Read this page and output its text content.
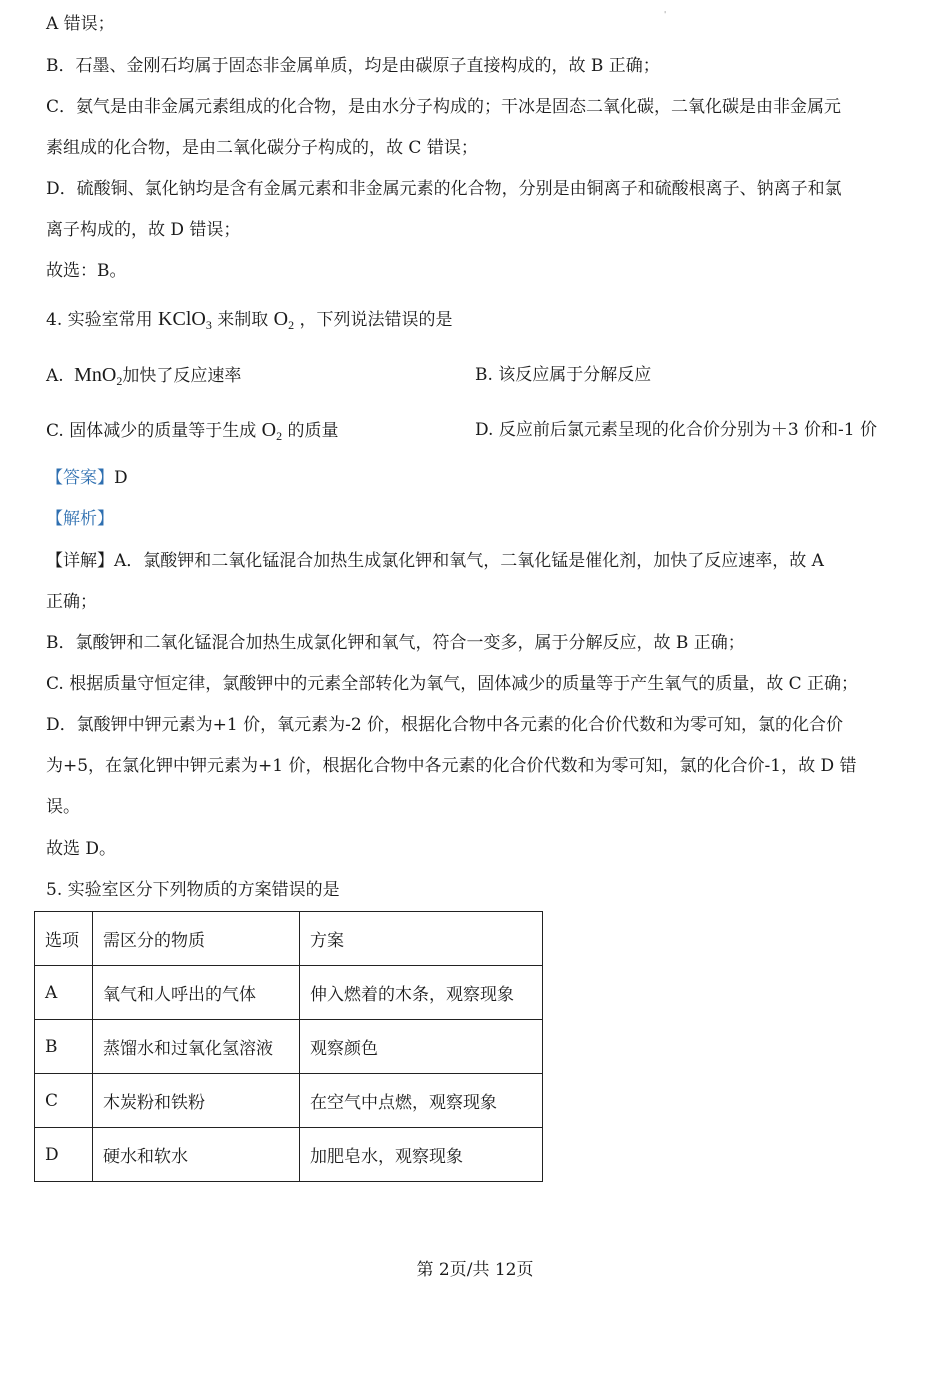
'
A 错误；
B．石墨、金刚石均属于固态非金属单质，均是由碳原子直接构成的，故 B 正确；
C．氨气是由非金属元素组成的化合物，是由水分子构成的；干冰是固态二氧化碳，二氧化碳是由非金属元
素组成的化合物，是由二氧化碳分子构成的，故 C 错误；
D．硫酸铜、氯化钠均是含有金属元素和非金属元素的化合物，分别是由铜离子和硫酸根离子、钠离子和氯
离子构成的，故 D 错误；
故选：B。
4. 实验室常用 KClO$_3$ 来制取 $O_2$ ，下列说法错误的是
A. MnO$_2$加快了反应速率	B. 该反应属于分解反应
C. 固体减少的质量等于生成 $O_2$ 的质量	D. 反应前后氯元素呈现的化合价分别为＋3 价和-1 价
【答案】D
【解析】
【详解】A．氯酸钾和二氧化锰混合加热生成氯化钾和氧气，二氧化锰是催化剂，加快了反应速率，故 A
正确；
B．氯酸钾和二氧化锰混合加热生成氯化钾和氧气，符合一变多，属于分解反应，故 B 正确；
C. 根据质量守恒定律，氯酸钾中的元素全部转化为氧气，固体减少的质量等于产生氧气的质量，故 C 正确；
D．氯酸钾中钾元素为+1 价，氧元素为-2 价，根据化合物中各元素的化合价代数和为零可知，氯的化合价
为+5，在氯化钾中钾元素为+1 价，根据化合物中各元素的化合价代数和为零可知，氯的化合价-1，故 D 错
误。
故选 D。
5. 实验室区分下列物质的方案错误的是
选项	需区分的物质	方案
A	氧气和人呼出的气体	伸入燃着的木条，观察现象
B	蒸馏水和过氧化氢溶液	观察颜色
C	木炭粉和铁粉	在空气中点燃，观察现象
D	硬水和软水	加肥皂水，观察现象
第 2页/共 12页
